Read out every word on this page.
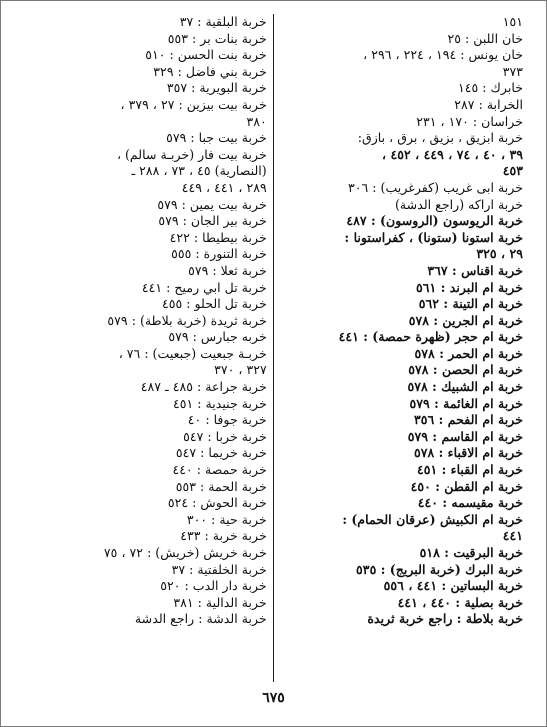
١٥١
خان اللبن : ٢٥
خان يونس : ١٩٤ ، ٢٢٤ ، ٢٩٦ ،
٣٧٣
خابرك : ١٤٥
الخرابة : ٢٨٧
خراسان : ١٧٠ ، ٢٣١
خربة ابزيق ، بزيق ، برق ، بازق:
٣٩ ، ٤٠ ، ٧٤ ، ٤٤٩ ، ٤٥٢ ،
٤٥٣
خربة ابى غريب (كفرغريب) : ٣٠٦
خربة اراكه (راجع الدشة)
خربة الريوسون (الروسون) : ٤٨٧
خربة استونا (ستونا) ، كفراستونا :
٢٩ ، ٣٢٥
خربة اقناس : ٣٦٧
خربة ام البرند : ٥٦١
خربة ام التينة : ٥٦٢
خربة ام الجرين : ٥٧٨
خربة ام حجر (ظهرة حمصة) : ٤٤١
خربة ام الحمر : ٥٧٨
خربة ام الحصن : ٥٧٨
خربة ام الشبيك : ٥٧٨
خربة ام الغائمة : ٥٧٩
خربة ام الفحم : ٣٥٦
خربة ام القاسم : ٥٧٩
خربة ام الاقباء : ٥٧٨
خربة ام القباء : ٤٥١
خربة ام القطن : ٤٥٠
خربة مقيسمه : ٤٤٠
خربة ام الكبيش (عرقان الحمام) :
٤٤١
خربة البرقيت : ٥١٨
خربة البرك (خربة البريج) : ٥٣٥
خربة البساتين : ٤٤١ ، ٥٥٦
خربة بصلية : ٤٤٠ ، ٤٤١
خربة بلاطة : راجع خربة ثريدة
خربة البلقية : ٣٧
خربة بنات بر : ٥٥٣
خربة بنت الحسن : ٥١٠
خربة بني فاضل : ٣٢٩
خربة البويرية : ٣٥٧
خربة بيت بيزين : ٢٧ ، ٣٧٩ ،
٣٨٠
خربة بيت جبا : ٥٧٩
خربة بيت فار (خربـة سالم) ،
(النصارية) ٤٥ ، ٧٣ ، ٢٨٨ ـ
٢٨٩ ، ٤٤١ ، ٤٤٩
خربة بيت يمين : ٥٧٩
خربة بير الجان : ٥٧٩
خربة بيطيطا : ٤٢٢
خربة التنورة : ٥٥٥
خربة ثعلا : ٥٧٩
خربة تل ابي رميح : ٤٤١
خربة تل الحلو : ٤٥٥
خربة ثريدة (خربة بلاطة) : ٥٧٩
خربه جبارس : ٥٧٩
خربـة جبعيت (جبعيت) : ٧٦ ،
٣٢٧ ، ٣٧٠
خربة جراعة : ٤٨٥ ـ ٤٨٧
خربة جنيدية : ٤٥١
خربة جوفا : ٤٠
خربة خربا : ٥٤٧
خربة خريما : ٥٤٧
خربة حمصة : ٤٤٠
خربة الحمة : ٥٥٣
خربة الحوش : ٥٢٤
خربة حية : ٣٠٠
خربة خربة : ٤٣٣
خربة خريش (خريش) : ٧٢ ، ٧٥
خربة الخلفتية : ٣٧
خربة دار الدب : ٥٢٠
خربة الدالية : ٣٨١
خربة الدشة : راجع الدشة
٦٧٥
